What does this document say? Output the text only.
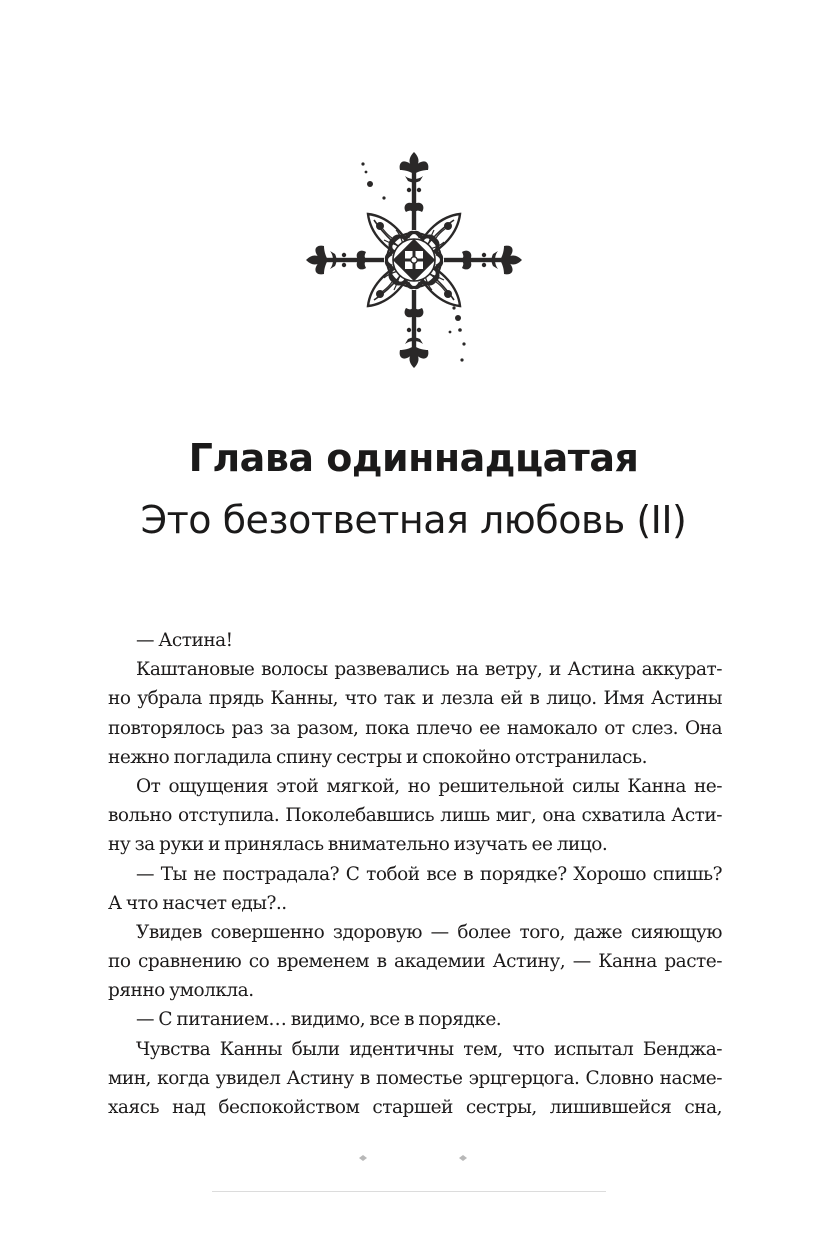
Глава одиннадцатая
Это безответная любовь (II)
— Астина!
Каштановые волосы развевались на ветру, и Астина аккурат-
но убрала прядь Канны, что так и лезла ей в лицо. Имя Астины
повторялось раз за разом, пока плечо ее намокало от слез. Она
нежно погладила спину сестры и спокойно отстранилась.
От ощущения этой мягкой, но решительной силы Канна не-
вольно отступила. Поколебавшись лишь миг, она схватила Асти-
ну за руки и принялась внимательно изучать ее лицо.
— Ты не пострадала? С тобой все в порядке? Хорошо спишь?
А что насчет еды?..
Увидев совершенно здоровую — более того, даже сияющую
по сравнению со временем в академии Астину, — Канна расте-
рянно умолкла.
— С питанием… видимо, все в порядке.
Чувства Канны были идентичны тем, что испытал Бенджа-
мин, когда увидел Астину в поместье эрцгерцога. Словно насме-
хаясь над беспокойством старшей сестры, лишившейся сна,
